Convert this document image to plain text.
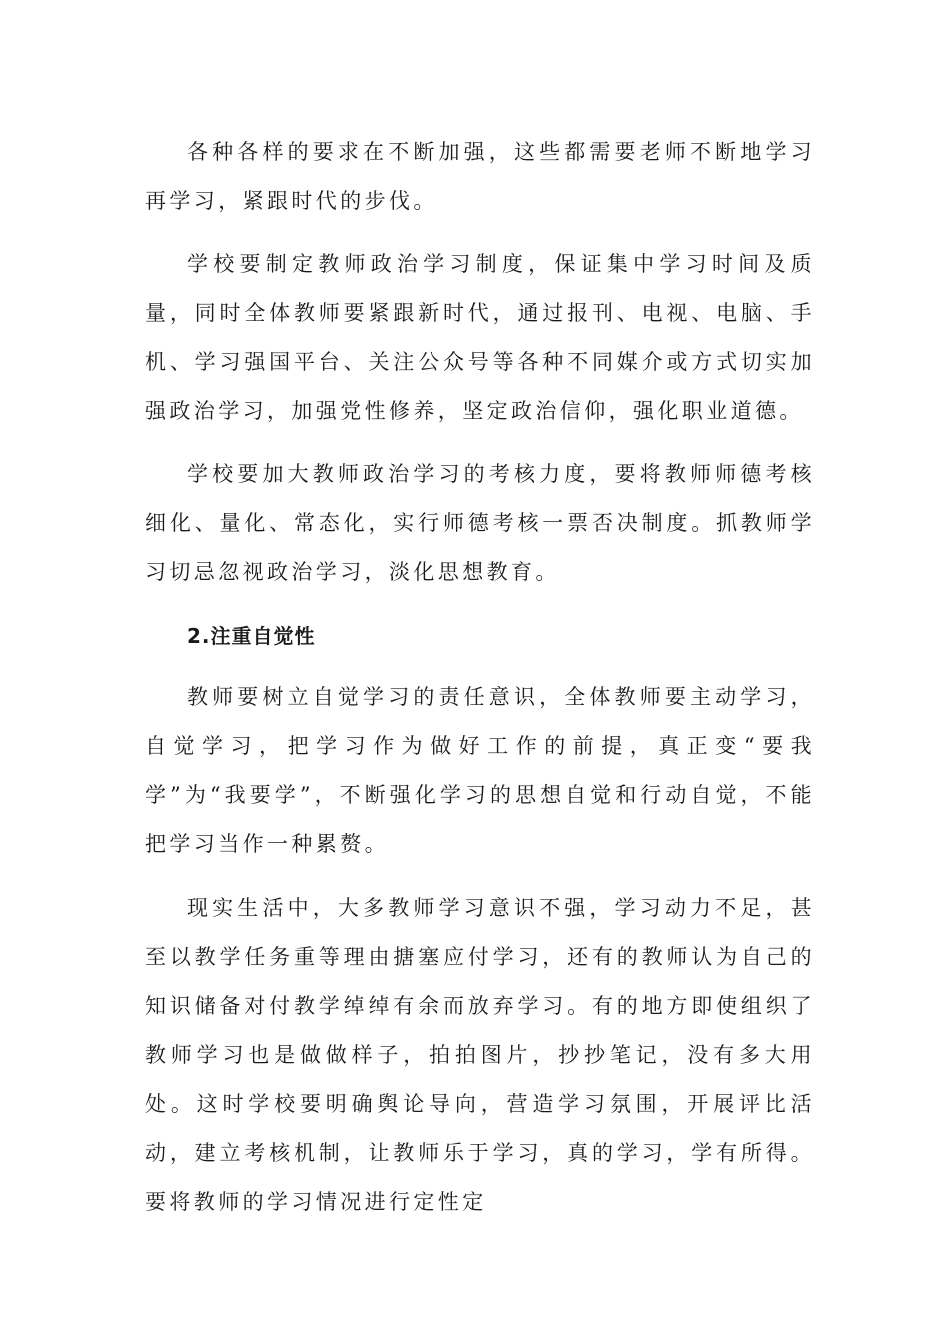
各种各样的要求在不断加强，这些都需要老师不断地学习再学习，紧跟时代的步伐。

学校要制定教师政治学习制度，保证集中学习时间及质量，同时全体教师要紧跟新时代，通过报刊、电视、电脑、手机、学习强国平台、关注公众号等各种不同媒介或方式切实加强政治学习，加强党性修养，坚定政治信仰，强化职业道德。

学校要加大教师政治学习的考核力度，要将教师师德考核细化、量化、常态化，实行师德考核一票否决制度。抓教师学习切忌忽视政治学习，淡化思想教育。

2.注重自觉性

教师要树立自觉学习的责任意识，全体教师要主动学习，自觉学习，把学习作为做好工作的前提，真正变“要我学”为“我要学”，不断强化学习的思想自觉和行动自觉，不能把学习当作一种累赘。

现实生活中，大多教师学习意识不强，学习动力不足，甚至以教学任务重等理由搪塞应付学习，还有的教师认为自己的知识储备对付教学绰绰有余而放弃学习。有的地方即使组织了教师学习也是做做样子，拍拍图片，抄抄笔记，没有多大用处。这时学校要明确舆论导向，营造学习氛围，开展评比活动，建立考核机制，让教师乐于学习，真的学习，学有所得。要将教师的学习情况进行定性定
